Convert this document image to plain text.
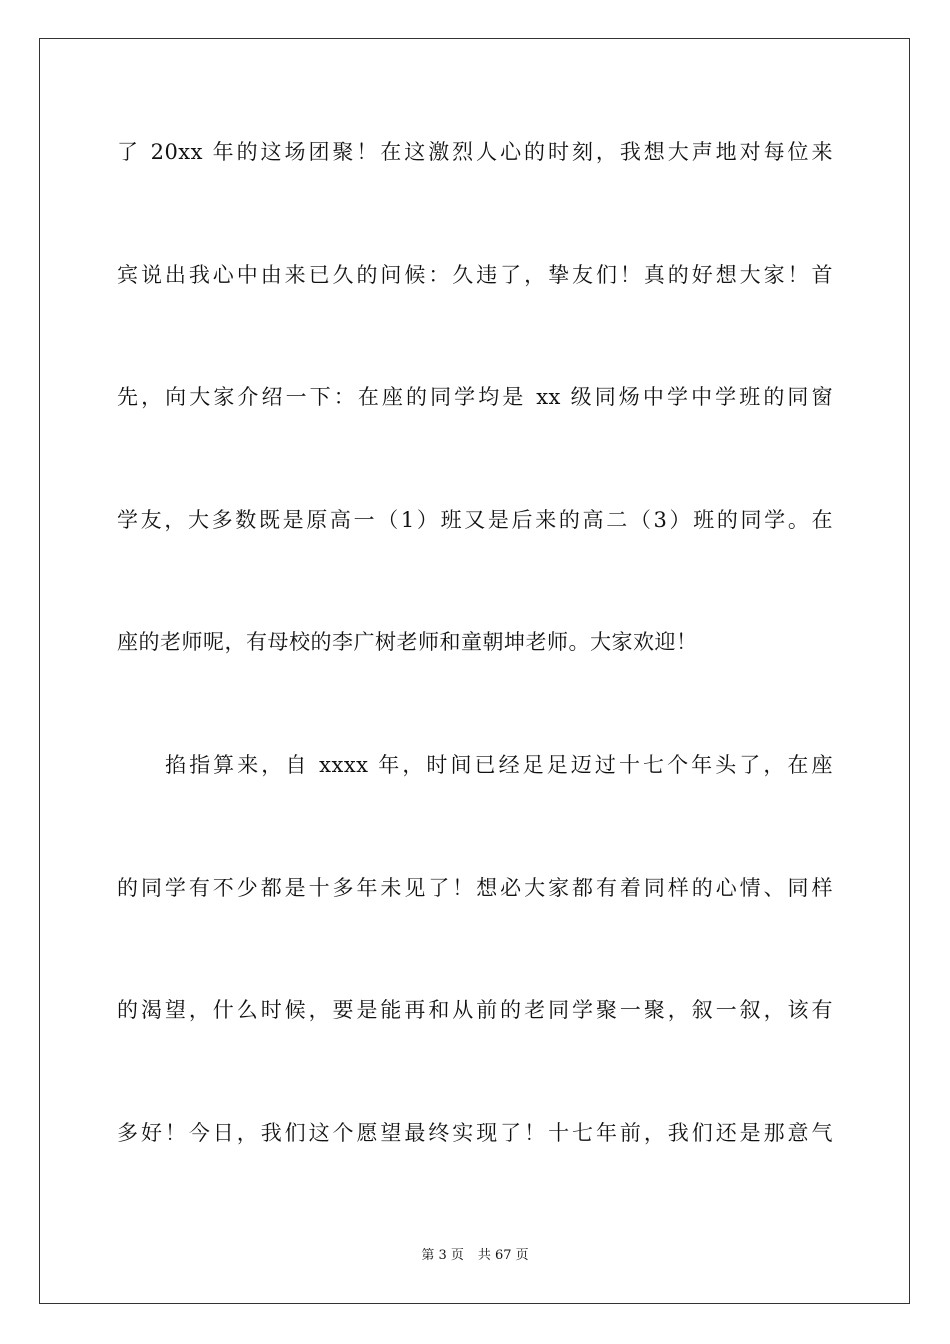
了 20xx 年的这场团聚！在这激烈人心的时刻，我想大声地对每位来
宾说出我心中由来已久的问候：久违了，挚友们！真的好想大家！首
先，向大家介绍一下：在座的同学均是 xx 级同炀中学中学班的同窗
学友，大多数既是原高一（1）班又是后来的高二（3）班的同学。在
座的老师呢，有母校的李广树老师和童朝坤老师。大家欢迎！
掐指算来，自 xxxx 年，时间已经足足迈过十七个年头了，在座
的同学有不少都是十多年未见了！想必大家都有着同样的心情、同样
的渴望，什么时候，要是能再和从前的老同学聚一聚，叙一叙，该有
多好！今日，我们这个愿望最终实现了！十七年前，我们还是那意气
第 3 页 共 67 页
